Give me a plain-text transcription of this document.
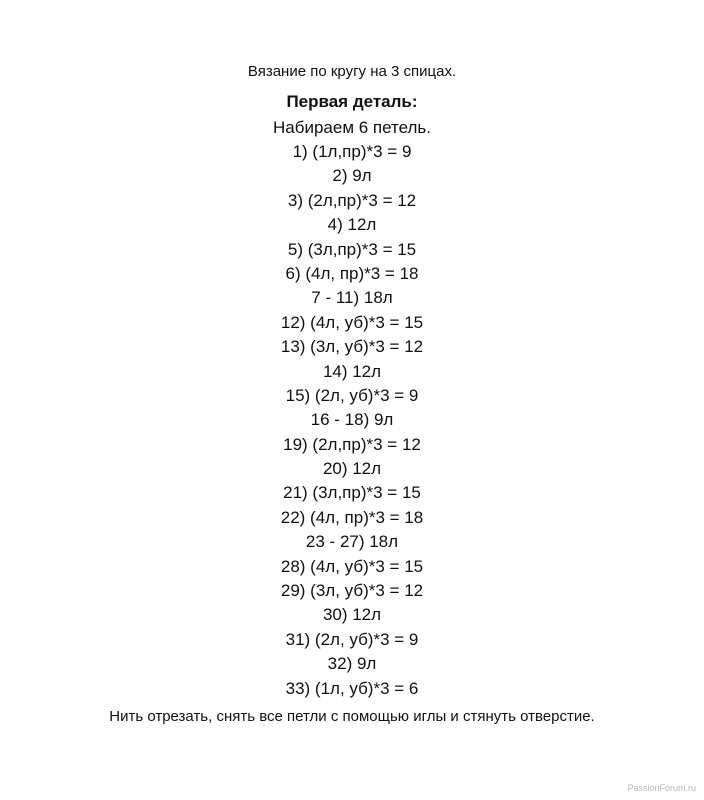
Вязание по кругу на 3 спицах.
Первая деталь:
Набираем 6 петель.
1) (1л,пр)*3 = 9
2) 9л
3) (2л,пр)*3 = 12
4) 12л
5) (3л,пр)*3 = 15
6) (4л, пр)*3 = 18
7 - 11) 18л
12) (4л, уб)*3 = 15
13) (3л, уб)*3 = 12
14) 12л
15) (2л, уб)*3 = 9
16 - 18) 9л
19) (2л,пр)*3 = 12
20) 12л
21) (3л,пр)*3 = 15
22) (4л, пр)*3 = 18
23 - 27) 18л
28) (4л, уб)*3 = 15
29) (3л, уб)*3 = 12
30) 12л
31) (2л, уб)*3 = 9
32) 9л
33) (1л, уб)*3 = 6
Нить отрезать, снять все петли с помощью иглы и стянуть отверстие.
PassionForum.ru
